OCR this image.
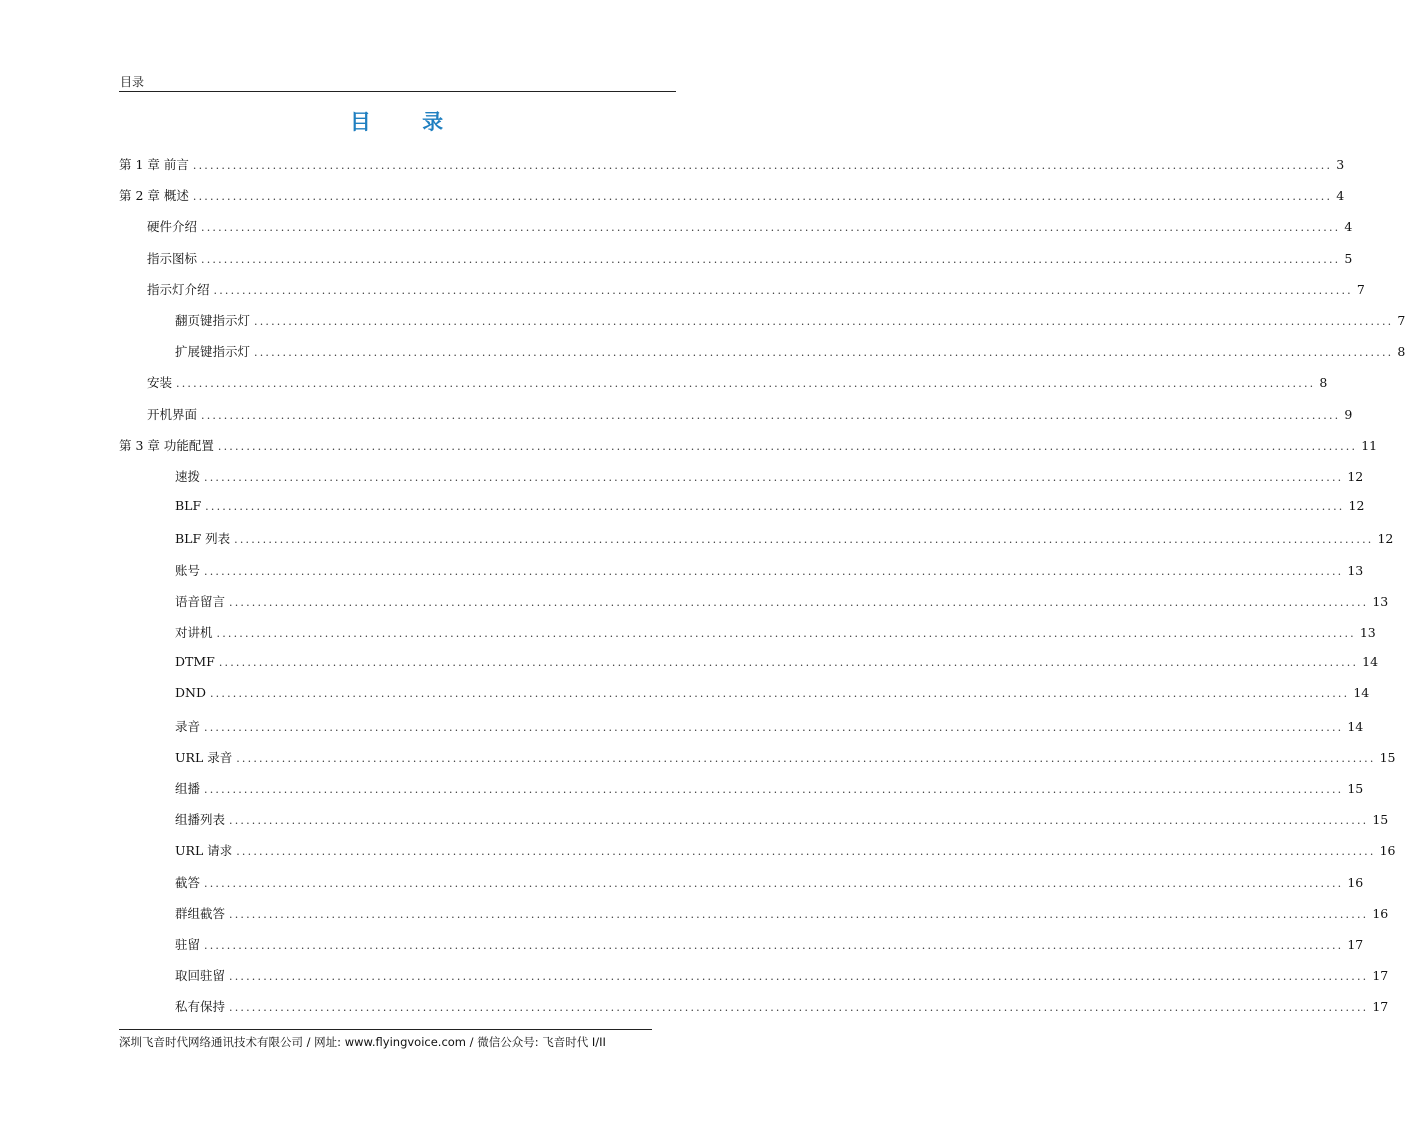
目录
目 录
第 1 章 前言 ........................................................................................................................................................................................................ 3
第 2 章 概述 ........................................................................................................................................................................................................ 4
硬件介绍 ........................................................................................................................................................................................................ 4
指示图标 ........................................................................................................................................................................................................ 5
指示灯介绍 ........................................................................................................................................................................................................ 7
翻页键指示灯 ........................................................................................................................................................................................................ 7
扩展键指示灯 ........................................................................................................................................................................................................ 8
安装 ........................................................................................................................................................................................................ 8
开机界面 ........................................................................................................................................................................................................ 9
第 3 章 功能配置 ........................................................................................................................................................................................................ 11
速拨 ........................................................................................................................................................................................................ 12
BLF ........................................................................................................................................................................................................ 12
BLF 列表 ........................................................................................................................................................................................................ 12
账号 ........................................................................................................................................................................................................ 13
语音留言 ........................................................................................................................................................................................................ 13
对讲机 ........................................................................................................................................................................................................ 13
DTMF ........................................................................................................................................................................................................ 14
DND ........................................................................................................................................................................................................ 14
录音 ........................................................................................................................................................................................................ 14
URL 录音 ........................................................................................................................................................................................................ 15
组播 ........................................................................................................................................................................................................ 15
组播列表 ........................................................................................................................................................................................................ 15
URL 请求 ........................................................................................................................................................................................................ 16
截答 ........................................................................................................................................................................................................ 16
群组截答 ........................................................................................................................................................................................................ 16
驻留 ........................................................................................................................................................................................................ 17
取回驻留 ........................................................................................................................................................................................................ 17
私有保持 ........................................................................................................................................................................................................ 17
深圳飞音时代网络通讯技术有限公司 / 网址: www.flyingvoice.com / 微信公众号: 飞音时代 I/II
